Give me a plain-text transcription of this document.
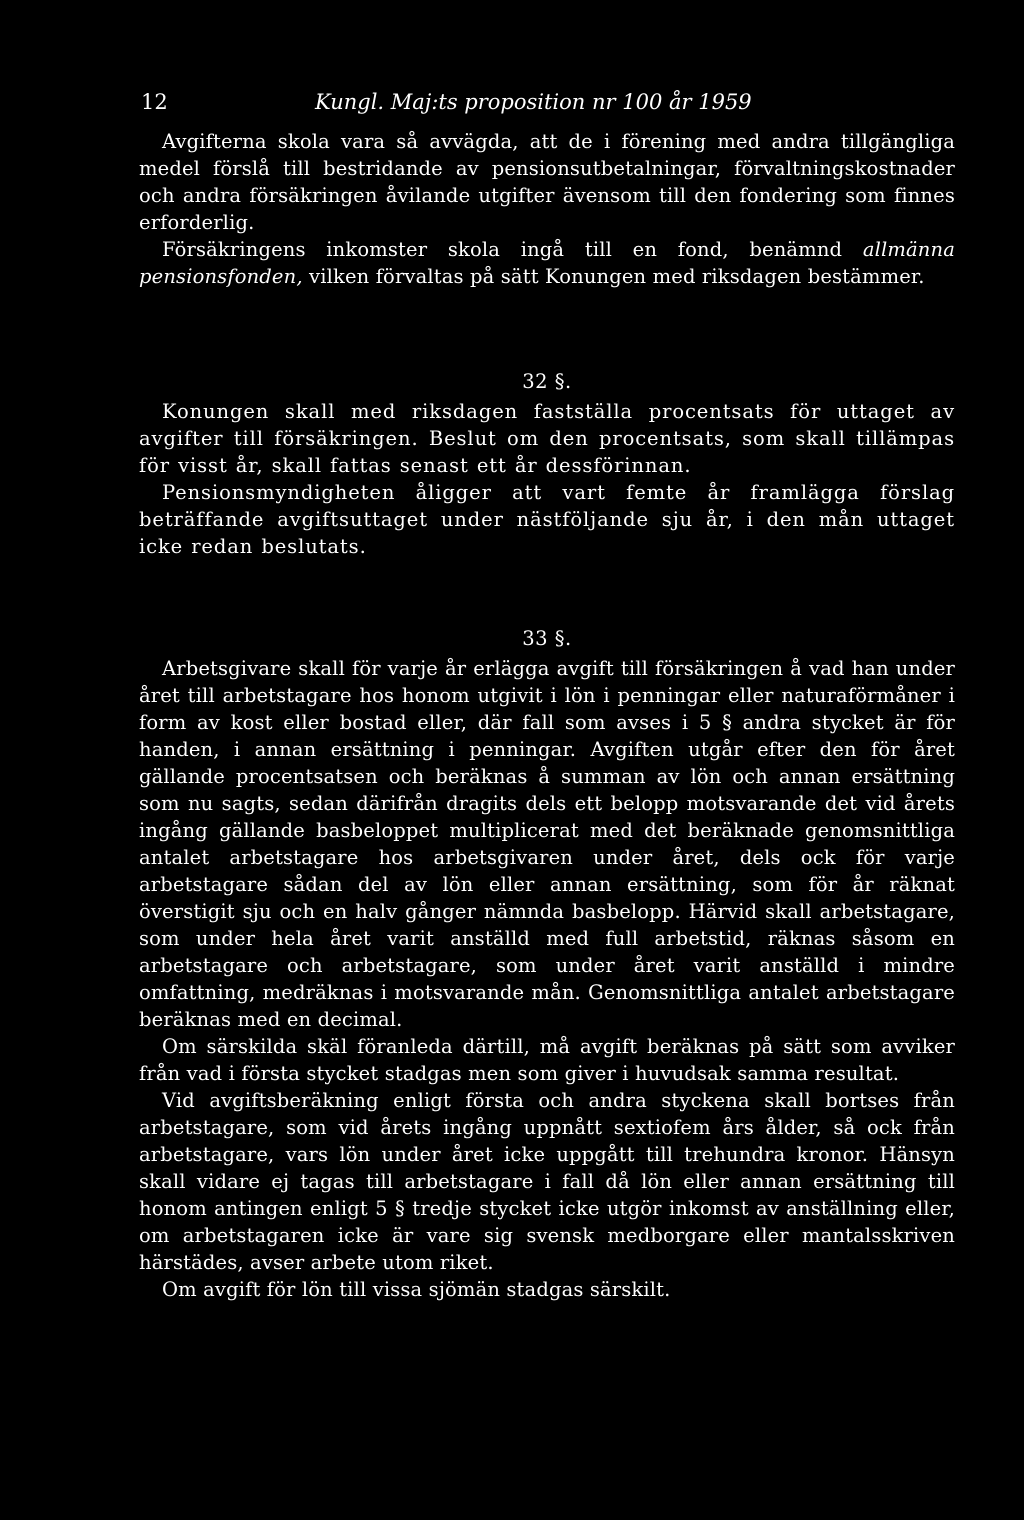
12	Kungl. Maj:ts proposition nr 100 år 1959

Avgifterna skola vara så avvägda, att de i förening med andra tillgängliga medel förslå till bestridande av pensionsutbetalningar, förvaltningskostnader och andra försäkringen åvilande utgifter ävensom till den fondering som finnes erforderlig.

Försäkringens inkomster skola ingå till en fond, benämnd allmänna pensionsfonden, vilken förvaltas på sätt Konungen med riksdagen bestämmer.

32 §.

Konungen skall med riksdagen fastställa procentsats för uttaget av avgifter till försäkringen. Beslut om den procentsats, som skall tillämpas för visst år, skall fattas senast ett år dessförinnan.

Pensionsmyndigheten åligger att vart femte år framlägga förslag beträffande avgiftsuttaget under nästföljande sju år, i den mån uttaget icke redan beslutats.

33 §.

Arbetsgivare skall för varje år erlägga avgift till försäkringen å vad han under året till arbetstagare hos honom utgivit i lön i penningar eller naturaförmåner i form av kost eller bostad eller, där fall som avses i 5 § andra stycket är för handen, i annan ersättning i penningar. Avgiften utgår efter den för året gällande procentsatsen och beräknas å summan av lön och annan ersättning som nu sagts, sedan därifrån dragits dels ett belopp motsvarande det vid årets ingång gällande basbeloppet multiplicerat med det beräknade genomsnittliga antalet arbetstagare hos arbetsgivaren under året, dels ock för varje arbetstagare sådan del av lön eller annan ersättning, som för år räknat överstigit sju och en halv gånger nämnda basbelopp. Härvid skall arbetstagare, som under hela året varit anställd med full arbetstid, räknas såsom en arbetstagare och arbetstagare, som under året varit anställd i mindre omfattning, medräknas i motsvarande mån. Genomsnittliga antalet arbetstagare beräknas med en decimal.

Om särskilda skäl föranleda därtill, må avgift beräknas på sätt som avviker från vad i första stycket stadgas men som giver i huvudsak samma resultat.

Vid avgiftsberäkning enligt första och andra styckena skall bortses från arbetstagare, som vid årets ingång uppnått sextiofem års ålder, så ock från arbetstagare, vars lön under året icke uppgått till trehundra kronor. Hänsyn skall vidare ej tagas till arbetstagare i fall då lön eller annan ersättning till honom antingen enligt 5 § tredje stycket icke utgör inkomst av anställning eller, om arbetstagaren icke är vare sig svensk medborgare eller mantalsskriven härstädes, avser arbete utom riket.

Om avgift för lön till vissa sjömän stadgas särskilt.
